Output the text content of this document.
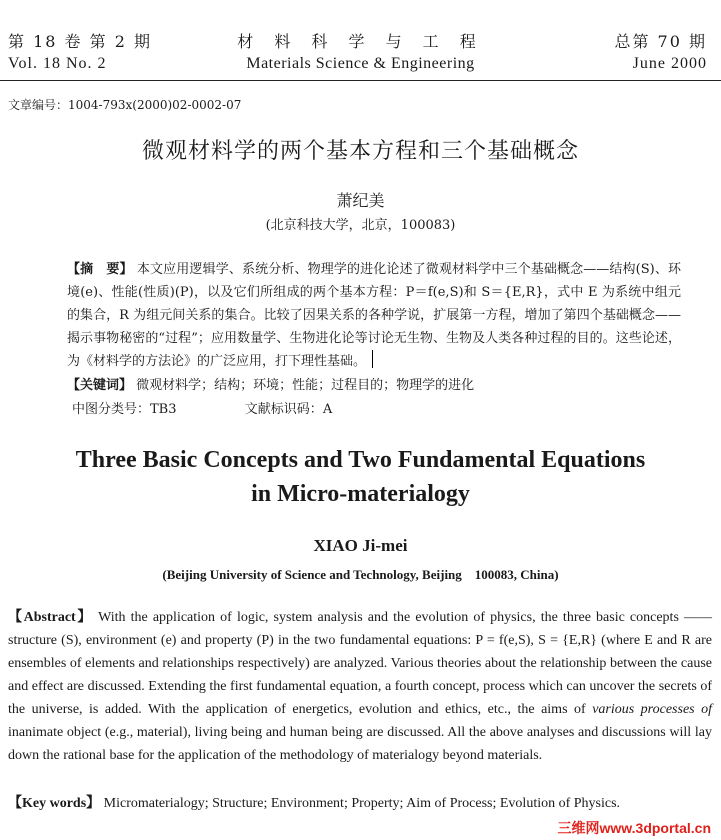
第 18 卷 第 2 期
Vol. 18 No. 2
材 料 科 学 与 工 程
Materials Science & Engineering
总第 70 期
June 2000
文章编号：1004-793x(2000)02-0002-07
微观材料学的两个基本方程和三个基础概念
萧纪美
(北京科技大学，北京，100083)
【摘　要】 本文应用逻辑学、系统分析、物理学的进化论述了微观材料学中三个基础概念——结构(S)、环境(e)、性能(性质)(P)，以及它们所组成的两个基本方程：P＝f(e,S)和 S＝{E,R}，式中 E 为系统中组元的集合，R 为组元间关系的集合。比较了因果关系的各种学说，扩展第一方程，增加了第四个基础概念——揭示事物秘密的“过程”；应用数量学、生物进化论等讨论无生物、生物及人类各种过程的目的。这些论述，为《材料学的方法论》的广泛应用，打下理性基础。
【关键词】 微观材料学；结构；环境；性能；过程目的；物理学的进化
中图分类号：TB3	文献标识码：A
Three Basic Concepts and Two Fundamental Equations
in Micro-materialogy
XIAO Ji-mei
(Beijing University of Science and Technology, Beijing　100083, China)
【Abstract】 With the application of logic, system analysis and the evolution of physics, the three basic concepts —— structure (S), environment (e) and property (P) in the two fundamental equations: P = f(e,S), S = {E,R} (where E and R are ensembles of elements and relationships respectively) are analyzed. Various theories about the relationship between the cause and effect are discussed. Extending the first fundamental equation, a fourth concept, process which can uncover the secrets of the universe, is added. With the application of energetics, evolution and ethics, etc., the aims of various processes of inanimate object (e.g., material), living being and human being are discussed. All the above analyses and discussions will lay down the rational base for the application of the methodology of materialogy beyond materials.
【Key words】 Micromaterialogy; Structure; Environment; Property; Aim of Process; Evolution of Physics.
三维网www.3dportal.cn
